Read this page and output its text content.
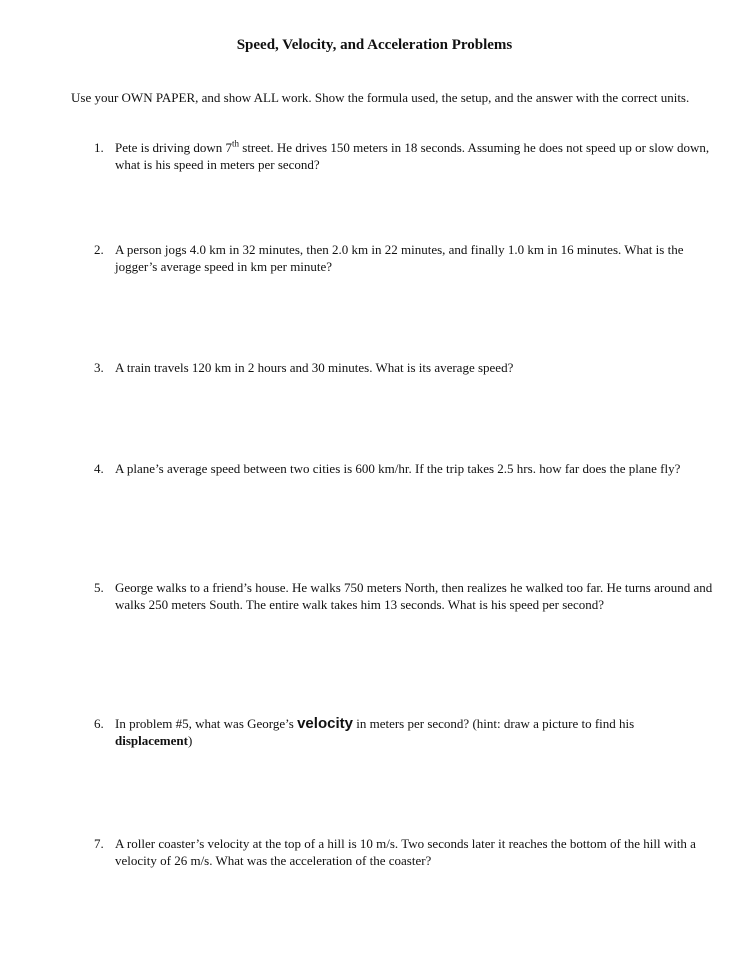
Speed, Velocity, and Acceleration Problems
Use your OWN PAPER, and show ALL work. Show the formula used, the setup, and the answer with the correct units.
1. Pete is driving down 7th street. He drives 150 meters in 18 seconds. Assuming he does not speed up or slow down, what is his speed in meters per second?
2. A person jogs 4.0 km in 32 minutes, then 2.0 km in 22 minutes, and finally 1.0 km in 16 minutes. What is the jogger’s average speed in km per minute?
3. A train travels 120 km in 2 hours and 30 minutes. What is its average speed?
4. A plane’s average speed between two cities is 600 km/hr. If the trip takes 2.5 hrs. how far does the plane fly?
5. George walks to a friend’s house. He walks 750 meters North, then realizes he walked too far. He turns around and walks 250 meters South. The entire walk takes him 13 seconds. What is his speed per second?
6. In problem #5, what was George’s velocity in meters per second? (hint: draw a picture to find his displacement)
7. A roller coaster’s velocity at the top of a hill is 10 m/s. Two seconds later it reaches the bottom of the hill with a velocity of 26 m/s. What was the acceleration of the coaster?
